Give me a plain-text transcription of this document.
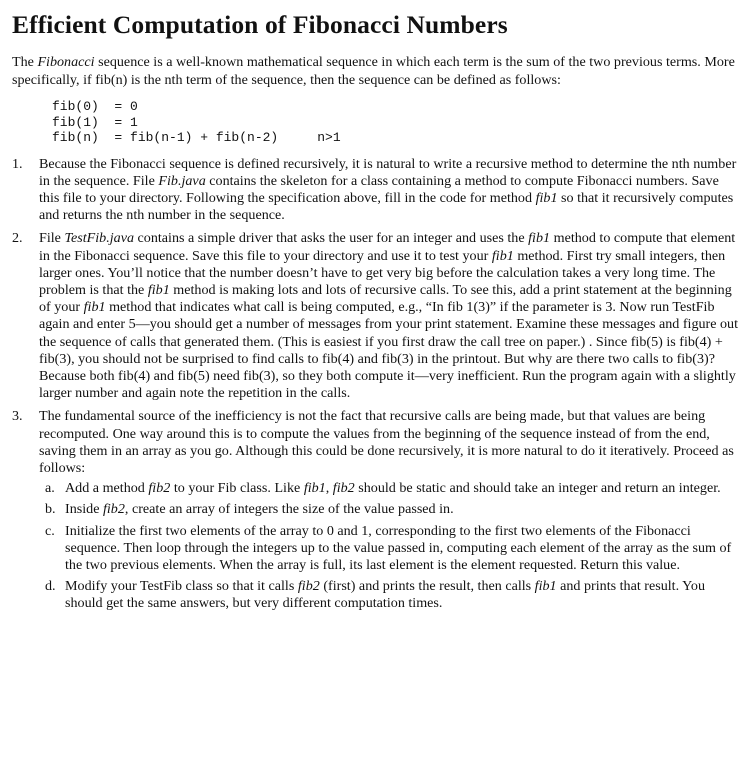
Efficient Computation of Fibonacci Numbers

The Fibonacci sequence is a well-known mathematical sequence in which each term is the sum of the two previous terms. More specifically, if fib(n) is the nth term of the sequence, then the sequence can be defined as follows:

fib(0)  = 0
fib(1)  = 1
fib(n)  = fib(n-1) + fib(n-2)     n>1
1. Because the Fibonacci sequence is defined recursively, it is natural to write a recursive method to determine the nth number in the sequence. File Fib.java contains the skeleton for a class containing a method to compute Fibonacci numbers. Save this file to your directory. Following the specification above, fill in the code for method fib1 so that it recursively computes and returns the nth number in the sequence.
2. File TestFib.java contains a simple driver that asks the user for an integer and uses the fib1 method to compute that element in the Fibonacci sequence. Save this file to your directory and use it to test your fib1 method. First try small integers, then larger ones. You’ll notice that the number doesn’t have to get very big before the calculation takes a very long time. The problem is that the fib1 method is making lots and lots of recursive calls. To see this, add a print statement at the beginning of your fib1 method that indicates what call is being computed, e.g., “In fib 1(3)” if the parameter is 3. Now run TestFib again and enter 5—you should get a number of messages from your print statement. Examine these messages and figure out the sequence of calls that generated them. (This is easiest if you first draw the call tree on paper.) . Since fib(5) is fib(4) + fib(3), you should not be surprised to find calls to fib(4) and fib(3) in the printout. But why are there two calls to fib(3)? Because both fib(4) and fib(5) need fib(3), so they both compute it—very inefficient. Run the program again with a slightly larger number and again note the repetition in the calls.
3. The fundamental source of the inefficiency is not the fact that recursive calls are being made, but that values are being recomputed. One way around this is to compute the values from the beginning of the sequence instead of from the end, saving them in an array as you go. Although this could be done recursively, it is more natural to do it iteratively. Proceed as follows:
a. Add a method fib2 to your Fib class. Like fib1, fib2 should be static and should take an integer and return an integer.
b. Inside fib2, create an array of integers the size of the value passed in.
c. Initialize the first two elements of the array to 0 and 1, corresponding to the first two elements of the Fibonacci sequence. Then loop through the integers up to the value passed in, computing each element of the array as the sum of the two previous elements. When the array is full, its last element is the element requested. Return this value.
d. Modify your TestFib class so that it calls fib2 (first) and prints the result, then calls fib1 and prints that result. You should get the same answers, but very different computation times.
